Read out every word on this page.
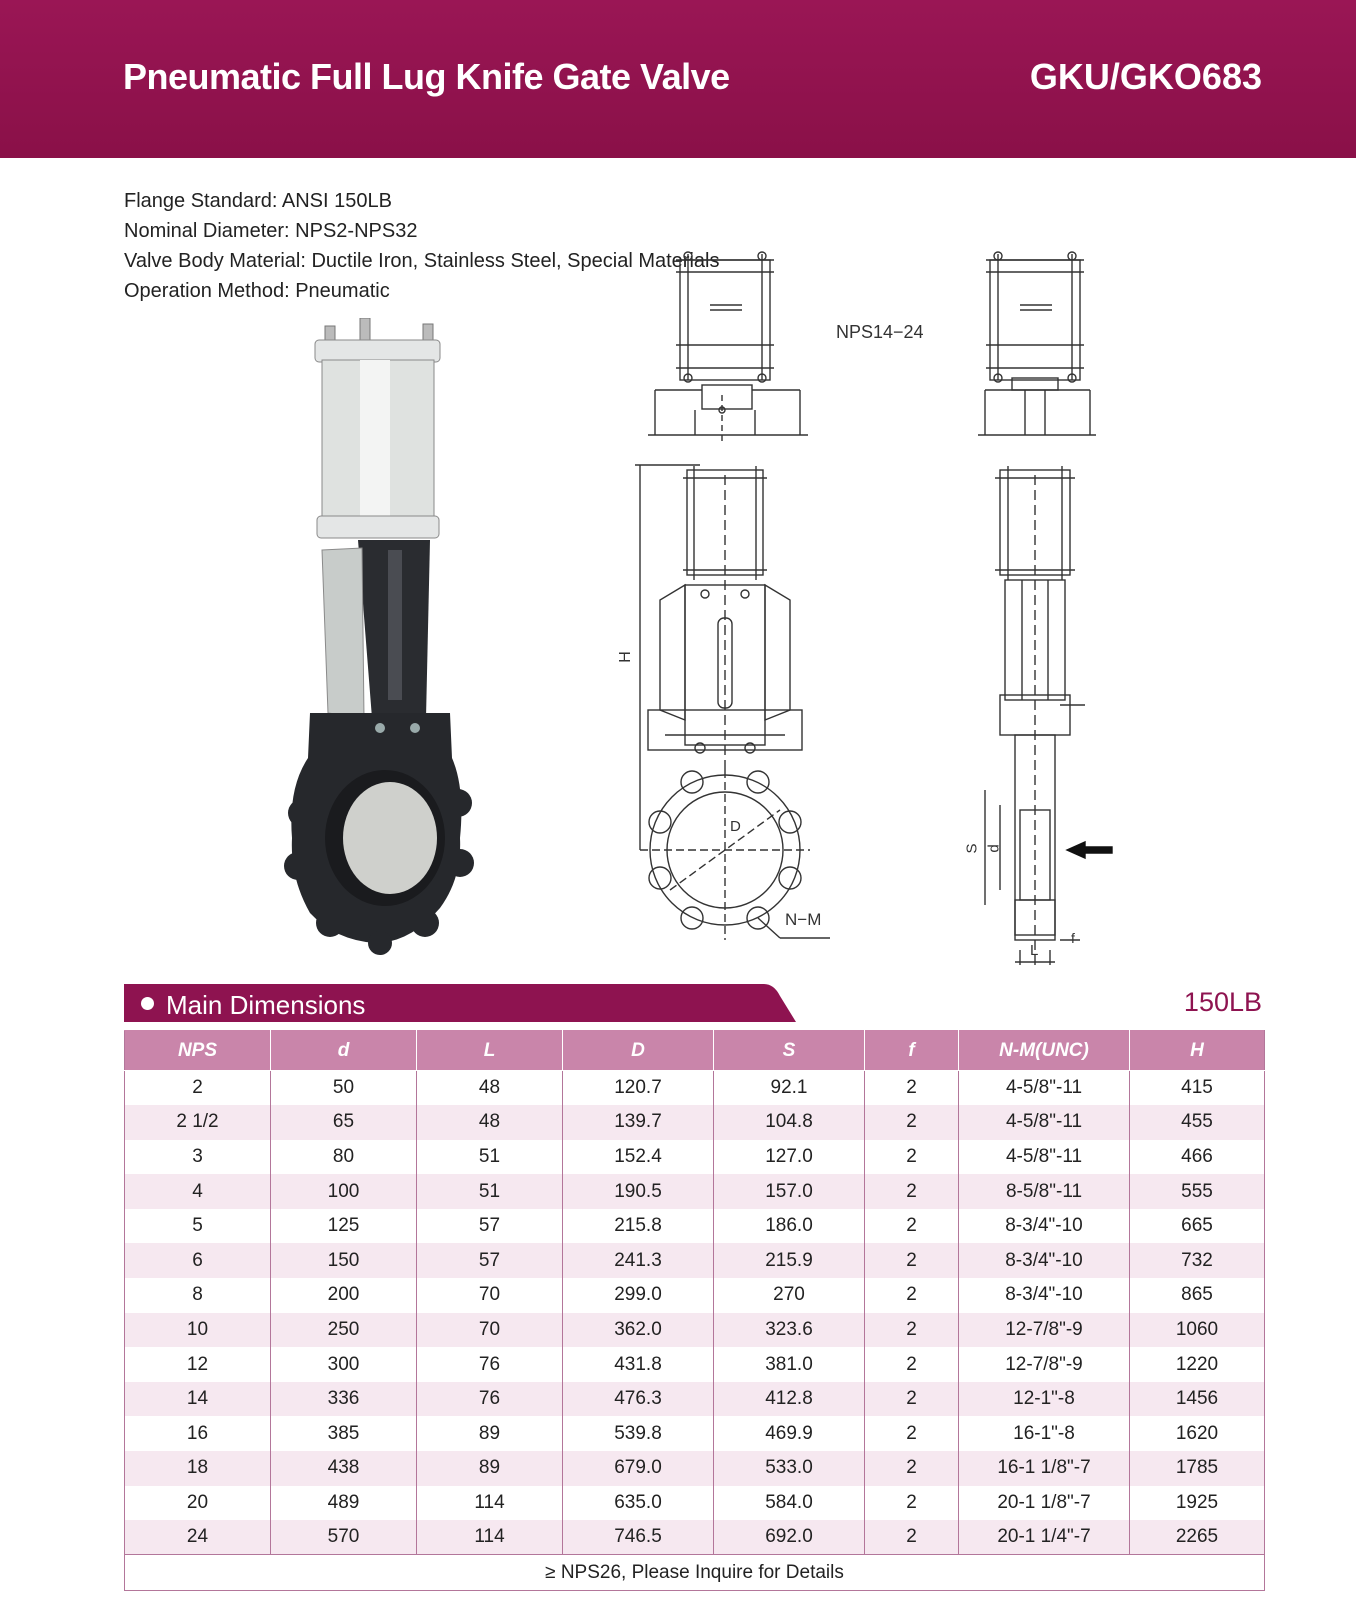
Pneumatic Full Lug Knife Gate Valve	GKU/GKO683
Flange Standard: ANSI 150LB
Nominal Diameter: NPS2-NPS32
Valve Body Material: Ductile Iron, Stainless Steel, Special Materials
Operation Method: Pneumatic
NPS14−24
H
D
N−M
S d
L
f
Main Dimensions	150LB
NPS	d	L	D	S	f	N-M(UNC)	H
2	50	48	120.7	92.1	2	4-5/8"-11	415
2 1/2	65	48	139.7	104.8	2	4-5/8"-11	455
3	80	51	152.4	127.0	2	4-5/8"-11	466
4	100	51	190.5	157.0	2	8-5/8"-11	555
5	125	57	215.8	186.0	2	8-3/4"-10	665
6	150	57	241.3	215.9	2	8-3/4"-10	732
8	200	70	299.0	270	2	8-3/4"-10	865
10	250	70	362.0	323.6	2	12-7/8"-9	1060
12	300	76	431.8	381.0	2	12-7/8"-9	1220
14	336	76	476.3	412.8	2	12-1"-8	1456
16	385	89	539.8	469.9	2	16-1"-8	1620
18	438	89	679.0	533.0	2	16-1 1/8"-7	1785
20	489	114	635.0	584.0	2	20-1 1/8"-7	1925
24	570	114	746.5	692.0	2	20-1 1/4"-7	2265
≥ NPS26, Please Inquire for Details							
